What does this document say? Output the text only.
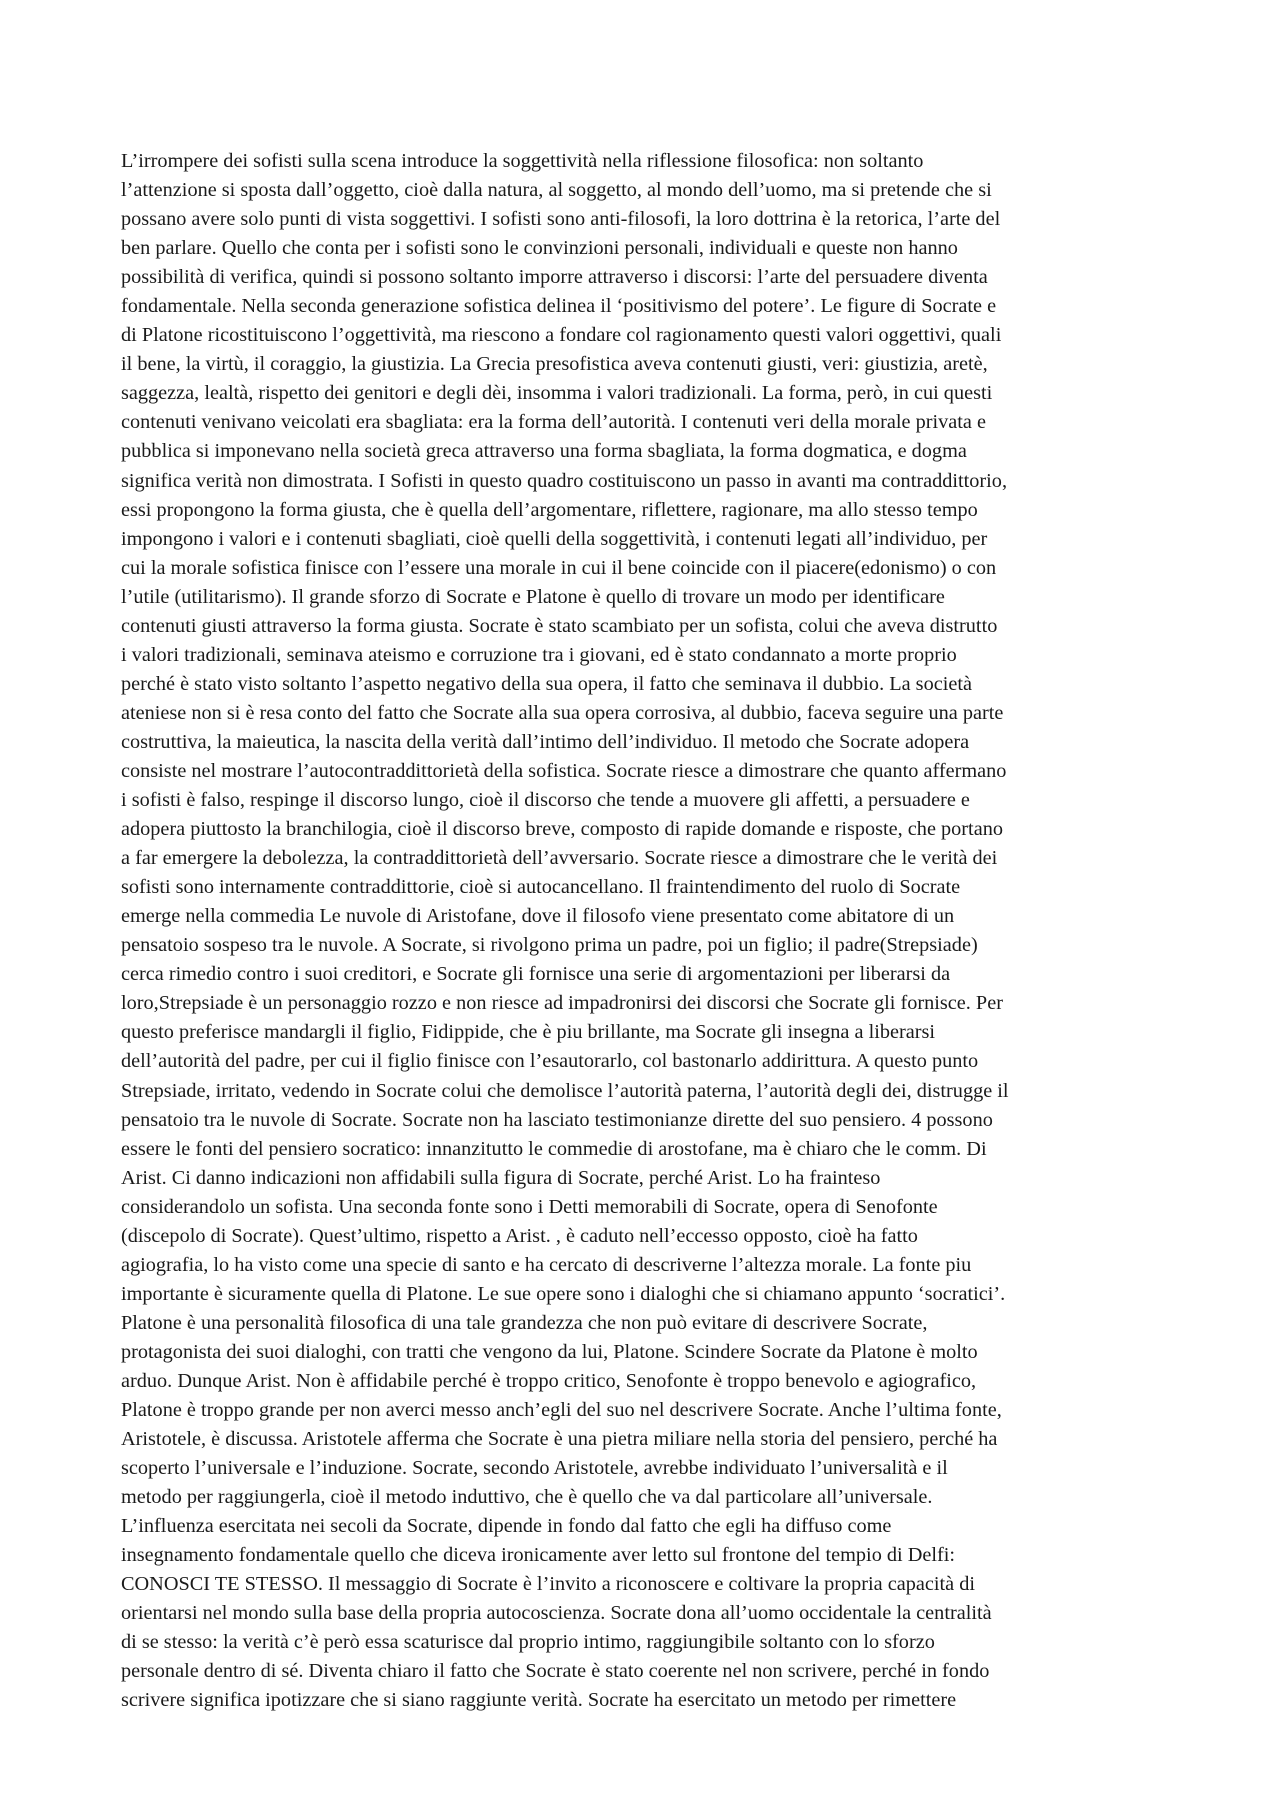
L’irrompere dei sofisti sulla scena introduce la soggettività nella riflessione filosofica: non soltanto
l’attenzione si sposta dall’oggetto, cioè dalla natura, al soggetto, al mondo dell’uomo, ma si pretende che si
possano avere solo punti di vista soggettivi. I sofisti sono anti-filosofi, la loro dottrina è la retorica, l’arte del
ben parlare. Quello che conta per i sofisti sono le convinzioni personali, individuali e queste non hanno
possibilità di verifica, quindi si possono soltanto imporre attraverso i discorsi: l’arte del persuadere diventa
fondamentale. Nella seconda generazione sofistica delinea il ‘positivismo del potere’. Le figure di Socrate e
di Platone ricostituiscono l’oggettività, ma riescono a fondare col ragionamento questi valori oggettivi, quali
il bene, la virtù, il coraggio, la giustizia. La Grecia presofistica aveva contenuti giusti, veri: giustizia, aretè,
saggezza, lealtà, rispetto dei genitori e degli dèi, insomma i valori tradizionali. La forma, però, in cui questi
contenuti venivano veicolati era sbagliata: era la forma dell’autorità. I contenuti veri della morale privata e
pubblica si imponevano nella società greca attraverso una forma sbagliata, la forma dogmatica, e dogma
significa verità non dimostrata. I Sofisti in questo quadro costituiscono un passo in avanti ma contraddittorio,
essi propongono la forma giusta, che è quella dell’argomentare, riflettere, ragionare, ma allo stesso tempo
impongono i valori e i contenuti sbagliati, cioè quelli della soggettività, i contenuti legati all’individuo, per
cui la morale sofistica finisce con l’essere una morale in cui il bene coincide con il piacere(edonismo) o con
l’utile (utilitarismo). Il grande sforzo di Socrate e Platone è quello di trovare un modo per identificare
contenuti giusti attraverso la forma giusta. Socrate è stato scambiato per un sofista, colui che aveva distrutto
i valori tradizionali, seminava ateismo e corruzione tra i giovani, ed è stato condannato a morte proprio
perché è stato visto soltanto l’aspetto negativo della sua opera, il fatto che seminava il dubbio. La società
ateniese non si è resa conto del fatto che Socrate alla sua opera corrosiva, al dubbio, faceva seguire una parte
costruttiva, la maieutica, la nascita della verità dall’intimo dell’individuo. Il metodo che Socrate adopera
consiste nel mostrare l’autocontraddittorietà della sofistica. Socrate riesce a dimostrare che quanto affermano
i sofisti è falso, respinge il discorso lungo, cioè il discorso che tende a muovere gli affetti, a persuadere e
adopera piuttosto la branchilogia, cioè il discorso breve, composto di rapide domande e risposte, che portano
a far emergere la debolezza, la contraddittorietà dell’avversario. Socrate riesce a dimostrare che le verità dei
sofisti sono internamente contraddittorie, cioè si autocancellano. Il fraintendimento del ruolo di Socrate
emerge nella commedia Le nuvole di Aristofane, dove il filosofo viene presentato come abitatore di un
pensatoio sospeso tra le nuvole. A Socrate, si rivolgono prima un padre, poi un figlio; il padre(Strepsiade)
cerca rimedio contro i suoi creditori, e Socrate gli fornisce una serie di argomentazioni per liberarsi da
loro,Strepsiade è un personaggio rozzo e non riesce ad impadronirsi dei discorsi che Socrate gli fornisce. Per
questo preferisce mandargli il figlio, Fidippide, che è piu brillante, ma Socrate gli insegna a liberarsi
dell’autorità del padre, per cui il figlio finisce con l’esautorarlo, col bastonarlo addirittura. A questo punto
Strepsiade, irritato, vedendo in Socrate colui che demolisce l’autorità paterna, l’autorità degli dei, distrugge il
pensatoio tra le nuvole di Socrate. Socrate non ha lasciato testimonianze dirette del suo pensiero. 4 possono
essere le fonti del pensiero socratico: innanzitutto le commedie di arostofane, ma è chiaro che le comm. Di
Arist. Ci danno indicazioni non affidabili sulla figura di Socrate, perché Arist. Lo ha frainteso
considerandolo un sofista. Una seconda fonte sono i Detti memorabili di Socrate, opera di Senofonte
(discepolo di Socrate). Quest’ultimo, rispetto a Arist. , è caduto nell’eccesso opposto, cioè ha fatto
agiografia, lo ha visto come una specie di santo e ha cercato di descriverne l’altezza morale. La fonte piu
importante è sicuramente quella di Platone. Le sue opere sono i dialoghi che si chiamano appunto ‘socratici’.
Platone è una personalità filosofica di una tale grandezza che non può evitare di descrivere Socrate,
protagonista dei suoi dialoghi, con tratti che vengono da lui, Platone. Scindere Socrate da Platone è molto
arduo. Dunque Arist. Non è affidabile perché è troppo critico, Senofonte è troppo benevolo e agiografico,
Platone è troppo grande per non averci messo anch’egli del suo nel descrivere Socrate. Anche l’ultima fonte,
Aristotele, è discussa. Aristotele afferma che Socrate è una pietra miliare nella storia del pensiero, perché ha
scoperto l’universale e l’induzione. Socrate, secondo Aristotele, avrebbe individuato l’universalità e il
metodo per raggiungerla, cioè il metodo induttivo, che è quello che va dal particolare all’universale.
L’influenza esercitata nei secoli da Socrate, dipende in fondo dal fatto che egli ha diffuso come
insegnamento fondamentale quello che diceva ironicamente aver letto sul frontone del tempio di Delfi:
CONOSCI TE STESSO. Il messaggio di Socrate è l’invito a riconoscere e coltivare la propria capacità di
orientarsi nel mondo sulla base della propria autocoscienza. Socrate dona all’uomo occidentale la centralità
di se stesso: la verità c’è però essa scaturisce dal proprio intimo, raggiungibile soltanto con lo sforzo
personale dentro di sé. Diventa chiaro il fatto che Socrate è stato coerente nel non scrivere, perché in fondo
scrivere significa ipotizzare che si siano raggiunte verità. Socrate ha esercitato un metodo per rimettere
